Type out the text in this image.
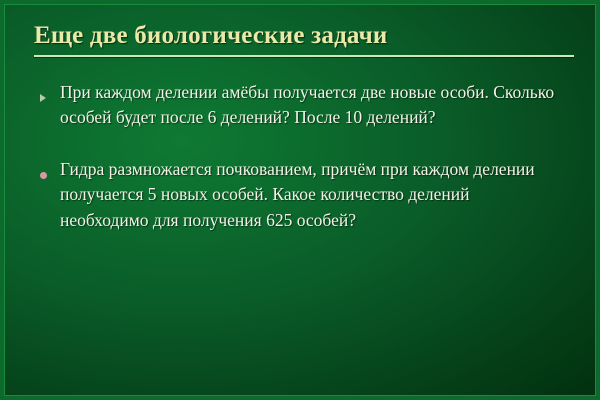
Еще две биологические задачи
При каждом делении амёбы получается две новые особи. Сколько особей будет после 6 делений? После 10 делений?
Гидра размножается почкованием, причём при каждом делении получается 5 новых особей. Какое количество делений необходимо для получения 625 особей?
